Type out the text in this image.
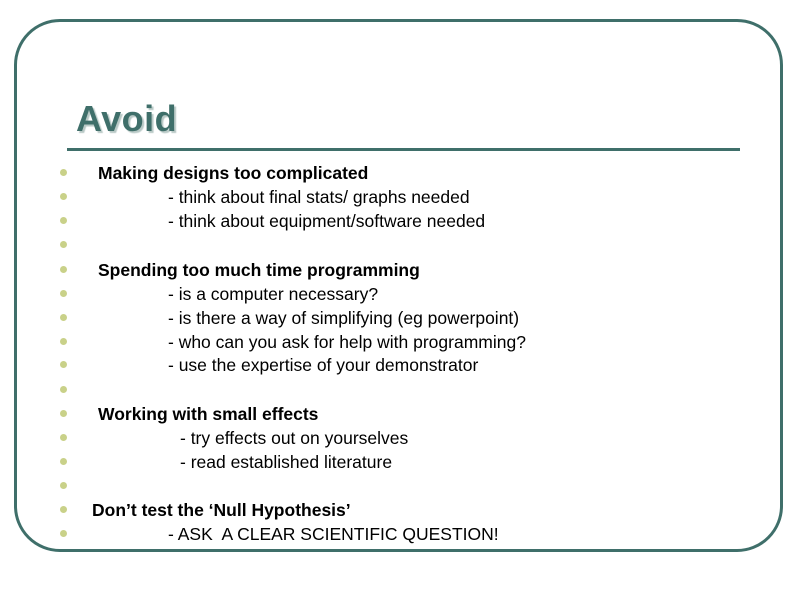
Avoid
Making designs too complicated
- think about final stats/ graphs needed
- think about equipment/software needed
Spending too much time programming
- is a computer necessary?
- is there a way of simplifying (eg powerpoint)
- who can you ask for help with programming?
- use the expertise of your demonstrator
Working with small effects
- try effects out on yourselves
- read established literature
Don’t test the ‘Null Hypothesis’
- ASK  A CLEAR SCIENTIFIC QUESTION!
